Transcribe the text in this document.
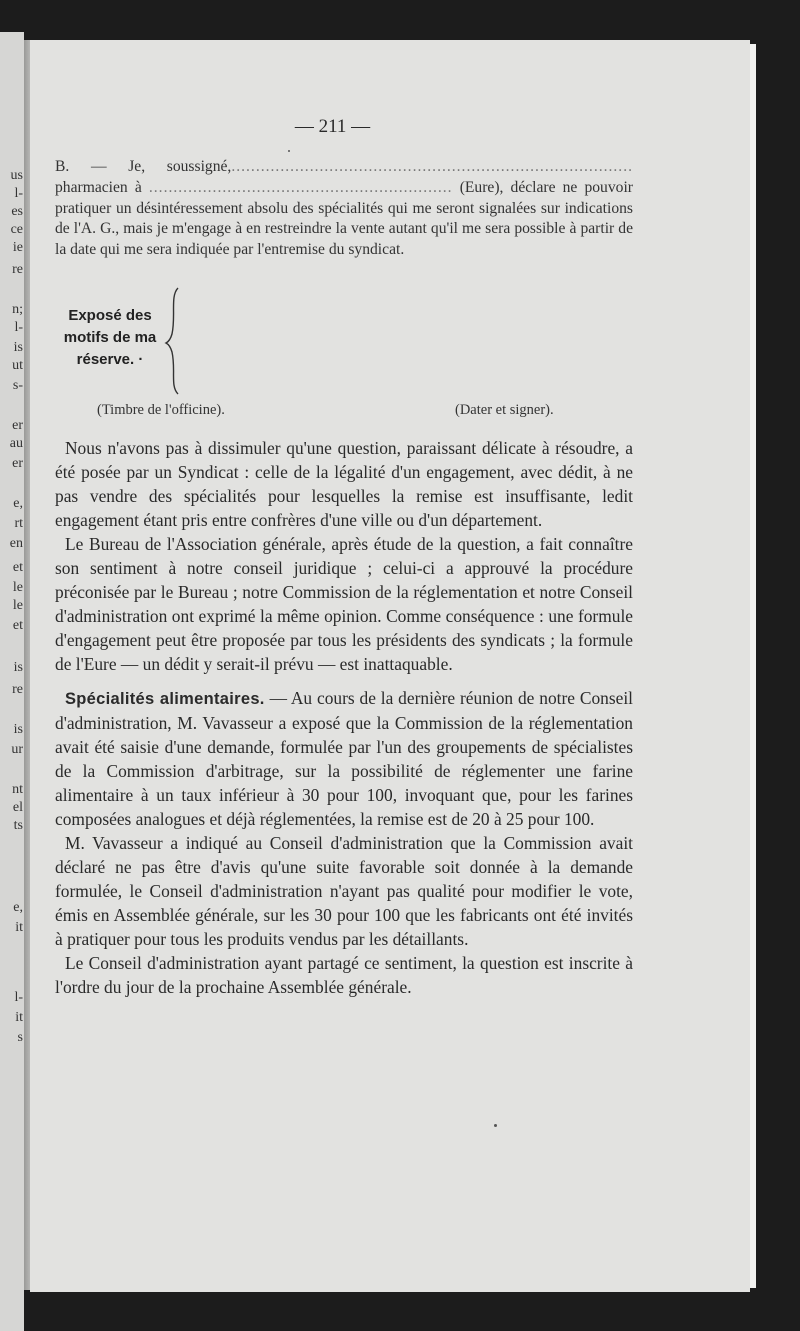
us
l-
es
ce
ie
re
n;
l-
is
ut
s-
er
au
er
e,
rt
en
et
le
le
et
is
re
is
ur
nt
el
ts
e,
it
l-
it
s
— 211 —

B. — Je, soussigné,.................................................................................. pharmacien à .............................................................. (Eure), déclare ne pouvoir pratiquer un désintéressement absolu des spécialités qui me seront signalées sur indications de l'A. G., mais je m'engage à en restreindre la vente autant qu'il me sera possible à partir de la date qui me sera indiquée par l'entremise du syndicat.

Exposé des
motifs de ma
réserve. ·
(Timbre de l'officine).	(Dater et signer).

Nous n'avons pas à dissimuler qu'une question, paraissant délicate à résoudre, a été posée par un Syndicat : celle de la légalité d'un engagement, avec dédit, à ne pas vendre des spécialités pour lesquelles la remise est insuffisante, ledit engagement étant pris entre confrères d'une ville ou d'un département.

Le Bureau de l'Association générale, après étude de la question, a fait connaître son sentiment à notre conseil juridique ; celui-ci a approuvé la procédure préconisée par le Bureau ; notre Commission de la réglementation et notre Conseil d'administration ont exprimé la même opinion. Comme conséquence : une formule d'engagement peut être proposée par tous les présidents des syndicats ; la formule de l'Eure — un dédit y serait-il prévu — est inattaquable.

Spécialités alimentaires. — Au cours de la dernière réunion de notre Conseil d'administration, M. Vavasseur a exposé que la Commission de la réglementation avait été saisie d'une demande, formulée par l'un des groupements de spécialistes de la Commission d'arbitrage, sur la possibilité de réglementer une farine alimentaire à un taux inférieur à 30 pour 100, invoquant que, pour les farines composées analogues et déjà réglementées, la remise est de 20 à 25 pour 100.

M. Vavasseur a indiqué au Conseil d'administration que la Commission avait déclaré ne pas être d'avis qu'une suite favorable soit donnée à la demande formulée, le Conseil d'administration n'ayant pas qualité pour modifier le vote, émis en Assemblée générale, sur les 30 pour 100 que les fabricants ont été invités à pratiquer pour tous les produits vendus par les détaillants.

Le Conseil d'administration ayant partagé ce sentiment, la question est inscrite à l'ordre du jour de la prochaine Assemblée générale.
